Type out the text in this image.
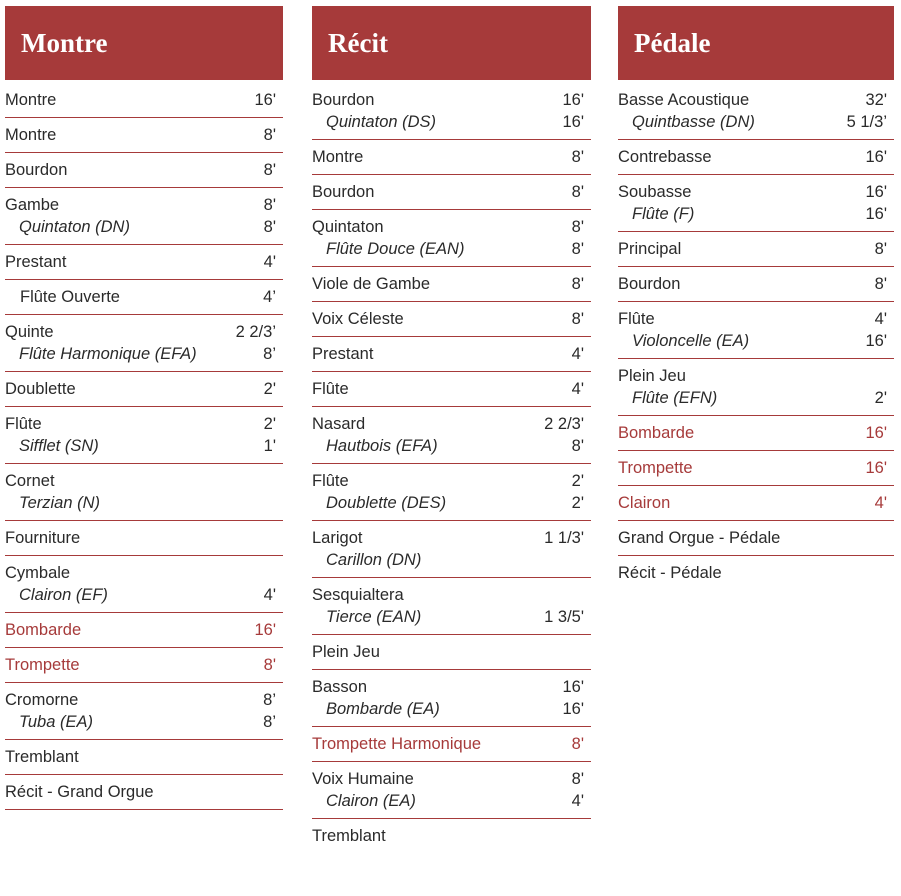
Montre
Montre	16'
Montre	8'
Bourdon	8'
Gambe	8'
Quintaton (DN)	8'
Prestant	4'
Flûte Ouverte	4’
Quinte	2 2/3’
Flûte Harmonique (EFA)	8’
Doublette	2'
Flûte	2'
Sifflet (SN)	1'
Cornet
Terzian (N)
Fourniture
Cymbale
Clairon (EF)	4'
Bombarde	16'
Trompette	8'
Cromorne	8’
Tuba (EA)	8’
Tremblant
Récit - Grand Orgue
Récit
Bourdon	16'
Quintaton (DS)	16'
Montre	8'
Bourdon	8'
Quintaton	8'
Flûte Douce (EAN)	8'
Viole de Gambe	8'
Voix Céleste	8'
Prestant	4'
Flûte	4'
Nasard	2 2/3'
Hautbois (EFA)	8'
Flûte	2'
Doublette (DES)	2'
Larigot	1 1/3'
Carillon (DN)
Sesquialtera
Tierce (EAN)	1 3/5'
Plein Jeu
Basson	16'
Bombarde (EA)	16'
Trompette Harmonique	8'
Voix Humaine	8'
Clairon (EA)	4'
Tremblant
Pédale
Basse Acoustique	32'
Quintbasse (DN)	5 1/3’
Contrebasse	16'
Soubasse	16'
Flûte (F)	16'
Principal	8'
Bourdon	8'
Flûte	4'
Violoncelle (EA)	16'
Plein Jeu
Flûte (EFN)	2'
Bombarde	16'
Trompette	16'
Clairon	4'
Grand Orgue - Pédale
Récit - Pédale
